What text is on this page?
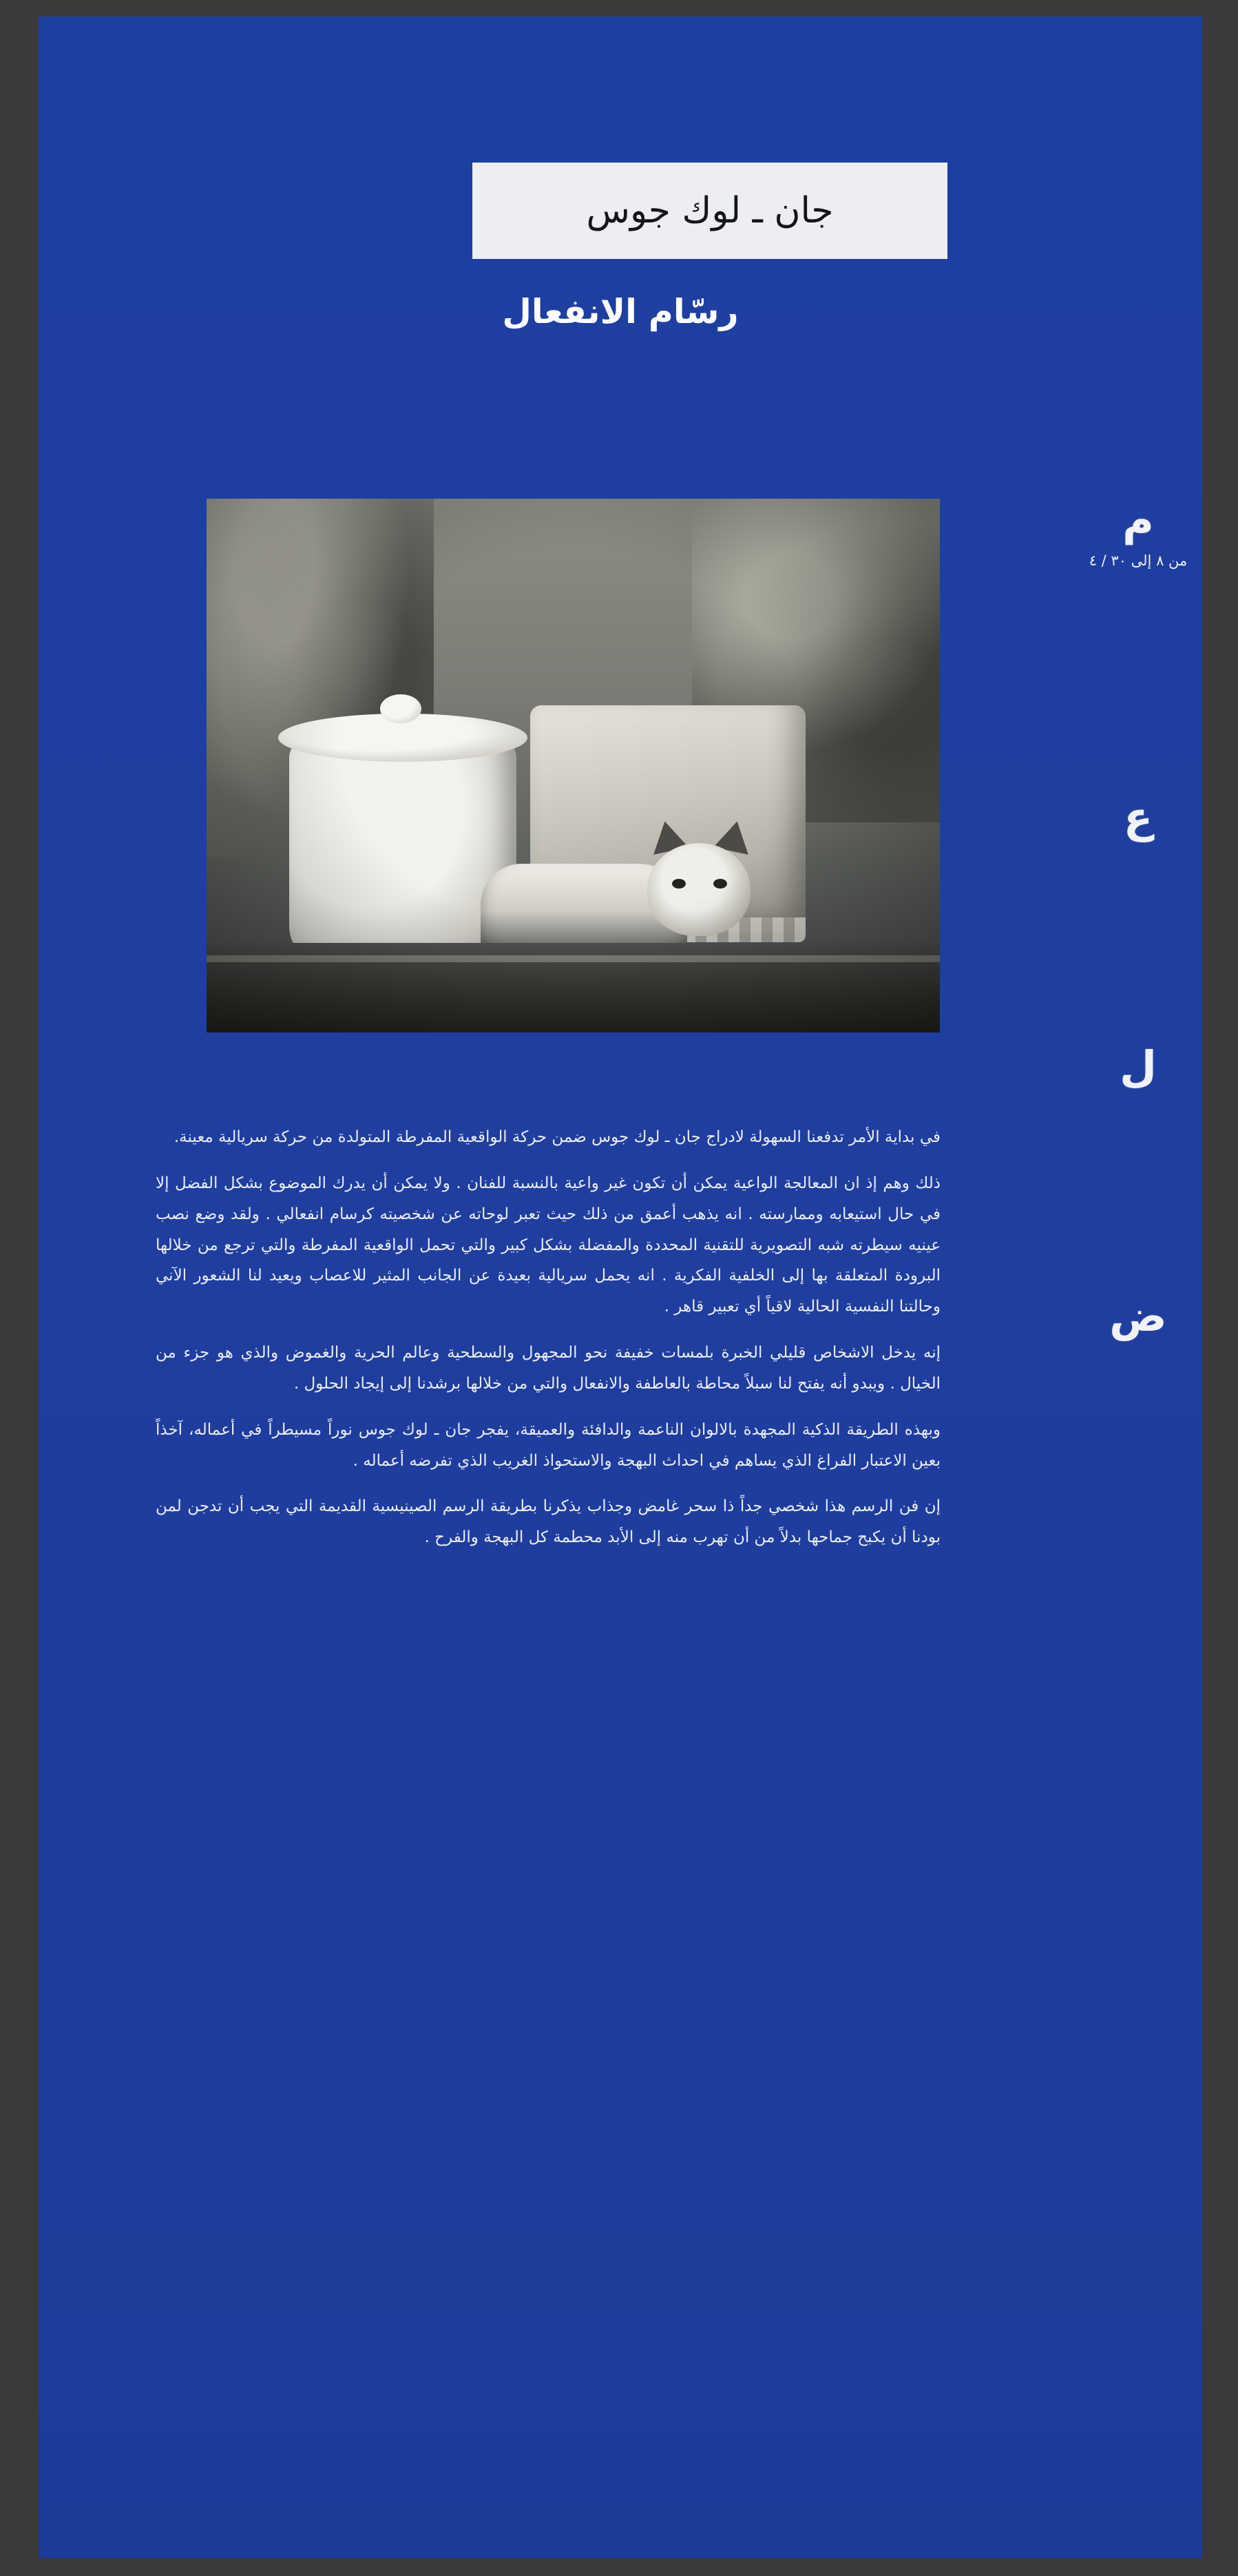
جان ـ لوك جوس
رسّام الانفعال
م
من ٨ إلى ٣٠ / ٤
ع
ل
ض

في بداية الأمر تدفعنا السهولة لادراج جان ـ لوك جوس ضمن حركة الواقعية المفرطة المتولدة من حركة سريالية معينة.

ذلك وهم إذ ان المعالجة الواعية يمكن أن تكون غير واعية بالنسبة للفنان . ولا يمكن أن يدرك الموضوع بشكل الفضل إلا في حال استيعابه وممارسته . انه يذهب أعمق من ذلك حيث تعبر لوحاته عن شخصيته كرسام انفعالي . ولقد وضع نصب عينيه سيطرته شبه التصويرية للتقنية المحددة والمفضلة بشكل كبير والتي تحمل الواقعية المفرطة والتي ترجع من خلالها البرودة المتعلقة بها إلى الخلفية الفكرية . انه يحمل سريالية بعيدة عن الجانب المثير للاعصاب ويعيد لنا الشعور الآني وحالتنا النفسية الحالية لاقياً أي تعبير قاهر .

إنه يدخل الاشخاص قليلي الخبرة بلمسات خفيفة نحو المجهول والسطحية وعالم الحرية والغموض والذي هو جزء من الخيال . ويبدو أنه يفتح لنا سبلاً محاطة بالعاطفة والانفعال والتي من خلالها برشدنا إلى إيجاد الحلول .

وبهذه الطريقة الذكية المجهدة بالالوان الناعمة والدافئة والعميقة، يفجر جان ـ لوك جوس نوراً مسيطراً في أعماله، آخذاً بعين الاعتبار الفراغ الذي يساهم في احداث البهجة والاستحواذ الغريب الذي تفرضه أعماله .

إن فن الرسم هذا شخصي جداً ذا سحر غامض وجذاب يذكرنا بطريقة الرسم الصينيسية القديمة التي يجب أن تدجن لمن بودنا أن يكبح جماحها بدلاً من أن تهرب منه إلى الأبد محطمة كل البهجة والفرح .
